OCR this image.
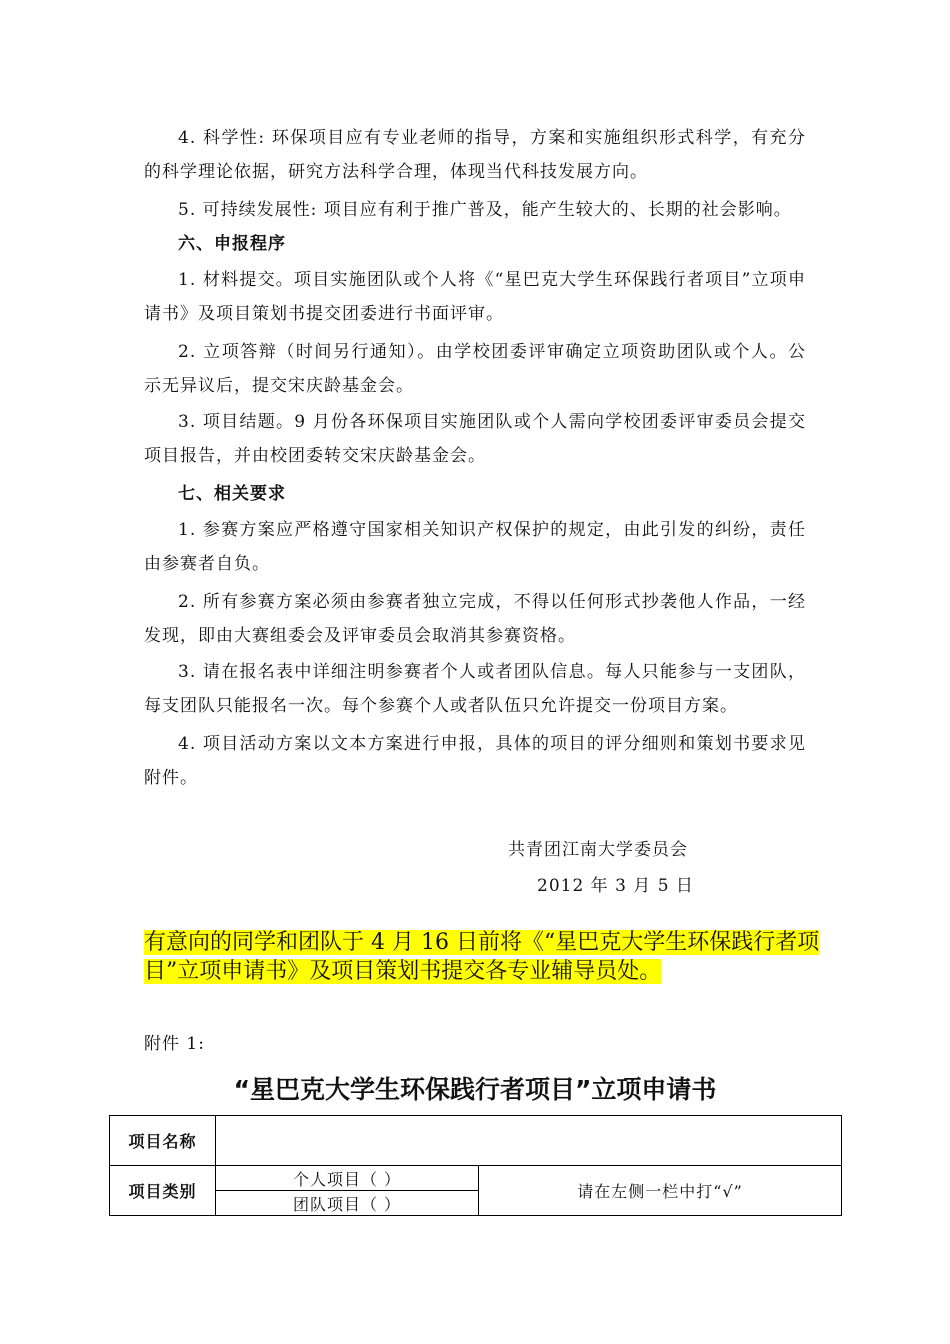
4. 科学性: 环保项目应有专业老师的指导，方案和实施组织形式科学，有充分的科学理论依据，研究方法科学合理，体现当代科技发展方向。

5. 可持续发展性: 项目应有利于推广普及，能产生较大的、长期的社会影响。

六、申报程序

1. 材料提交。项目实施团队或个人将《“星巴克大学生环保践行者项目”立项申请书》及项目策划书提交团委进行书面评审。

2. 立项答辩（时间另行通知）。由学校团委评审确定立项资助团队或个人。公示无异议后，提交宋庆龄基金会。

3. 项目结题。9 月份各环保项目实施团队或个人需向学校团委评审委员会提交项目报告，并由校团委转交宋庆龄基金会。

七、相关要求

1. 参赛方案应严格遵守国家相关知识产权保护的规定，由此引发的纠纷，责任由参赛者自负。

2. 所有参赛方案必须由参赛者独立完成，不得以任何形式抄袭他人作品，一经发现，即由大赛组委会及评审委员会取消其参赛资格。

3. 请在报名表中详细注明参赛者个人或者团队信息。每人只能参与一支团队，每支团队只能报名一次。每个参赛个人或者队伍只允许提交一份项目方案。

4. 项目活动方案以文本方案进行申报，具体的项目的评分细则和策划书要求见附件。

共青团江南大学委员会
2012 年 3 月 5 日

有意向的同学和团队于 4 月 16 日前将《“星巴克大学生环保践行者项目”立项申请书》及项目策划书提交各专业辅导员处。

附件 1:
“星巴克大学生环保践行者项目”立项申请书
项目名称		
项目类别	个人项目（ ）	请在左侧一栏中打“√”
	团队项目（ ）	
